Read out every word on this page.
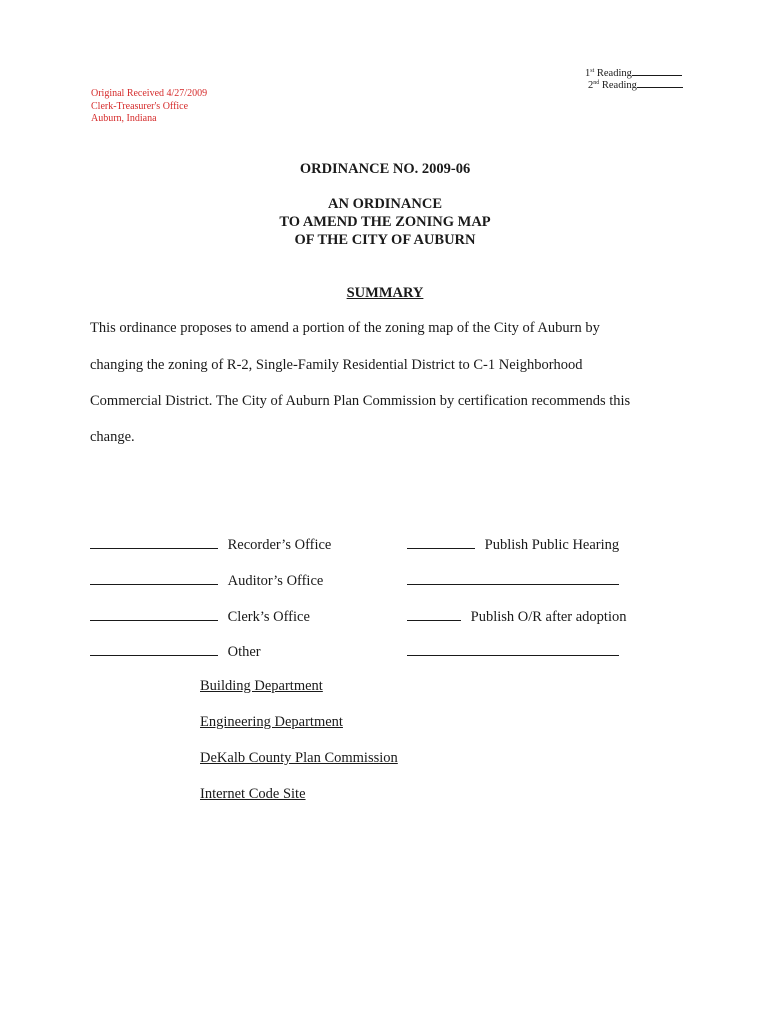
1st Reading
2nd Reading
Original Received 4/27/2009
Clerk-Treasurer's Office
Auburn, Indiana
ORDINANCE NO. 2009-06
AN ORDINANCE
TO AMEND THE ZONING MAP
OF THE CITY OF AUBURN
SUMMARY
This ordinance proposes to amend a portion of the zoning map of the City of Auburn by
changing the zoning of R-2, Single-Family Residential District to C-1 Neighborhood
Commercial District. The City of Auburn Plan Commission by certification recommends this
change.
Recorder’s Office
Auditor’s Office
Clerk’s Office
Other
Publish Public Hearing
Publish O/R after adoption
Building Department
Engineering Department
DeKalb County Plan Commission
Internet Code Site
